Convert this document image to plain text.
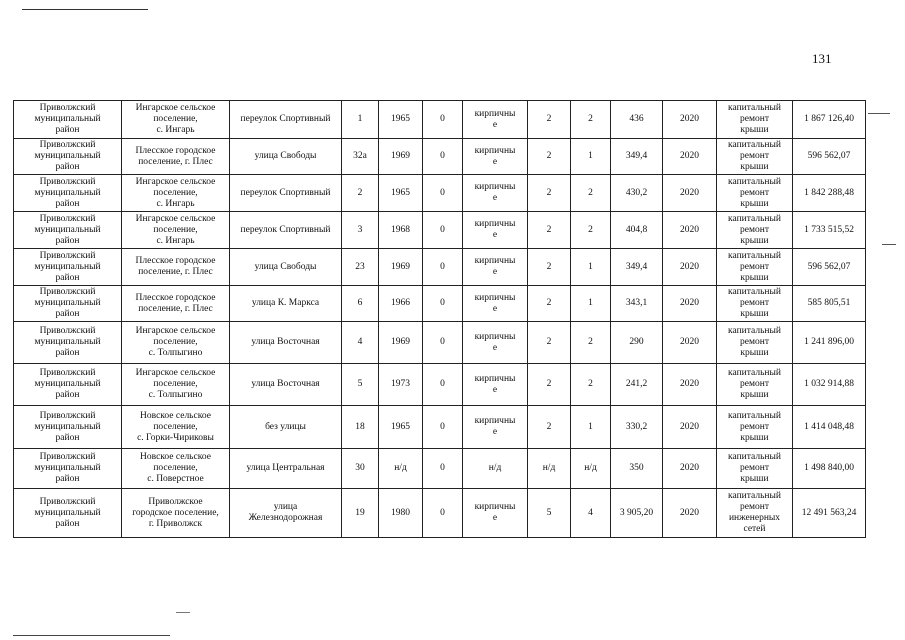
131
Приволжский
муниципальный
район	Ингарское сельское
поселение,
с. Ингарь	переулок Спортивный	1	1965	0	кирпичны
е	2	2	436	2020	капитальный
ремонт
крыши	1 867 126,40

Приволжский
муниципальный
район	Плесское городское
поселение, г. Плес	улица Свободы	32а	1969	0	кирпичны
е	2	1	349,4	2020	капитальный
ремонт
крыши	596 562,07

Приволжский
муниципальный
район	Ингарское сельское
поселение,
с. Ингарь	переулок Спортивный	2	1965	0	кирпичны
е	2	2	430,2	2020	капитальный
ремонт
крыши	1 842 288,48

Приволжский
муниципальный
район	Ингарское сельское
поселение,
с. Ингарь	переулок Спортивный	3	1968	0	кирпичны
е	2	2	404,8	2020	капитальный
ремонт
крыши	1 733 515,52

Приволжский
муниципальный
район	Плесское городское
поселение, г. Плес	улица Свободы	23	1969	0	кирпичны
е	2	1	349,4	2020	капитальный
ремонт
крыши	596 562,07

Приволжский
муниципальный
район	Плесское городское
поселение, г. Плес	улица К. Маркса	6	1966	0	кирпичны
е	2	1	343,1	2020	капитальный
ремонт
крыши	585 805,51

Приволжский
муниципальный
район	Ингарское сельское
поселение,
с. Толпыгино	улица Восточная	4	1969	0	кирпичны
е	2	2	290	2020	капитальный
ремонт
крыши	1 241 896,00

Приволжский
муниципальный
район	Ингарское сельское
поселение,
с. Толпыгино	улица Восточная	5	1973	0	кирпичны
е	2	2	241,2	2020	капитальный
ремонт
крыши	1 032 914,88

Приволжский
муниципальный
район	Новское сельское
поселение,
с. Горки-Чириковы	без улицы	18	1965	0	кирпичны
е	2	1	330,2	2020	капитальный
ремонт
крыши	1 414 048,48

Приволжский
муниципальный
район	Новское сельское
поселение,
с. Поверстное	улица Центральная	30	н/д	0	н/д	н/д	н/д	350	2020	капитальный
ремонт
крыши	1 498 840,00

Приволжский
муниципальный
район	Приволжское
городское поселение,
г. Приволжск	улица
Железнодорожная	19	1980	0	кирпичны
е	5	4	3 905,20	2020	капитальный
ремонт
инженерных
сетей	12 491 563,24
